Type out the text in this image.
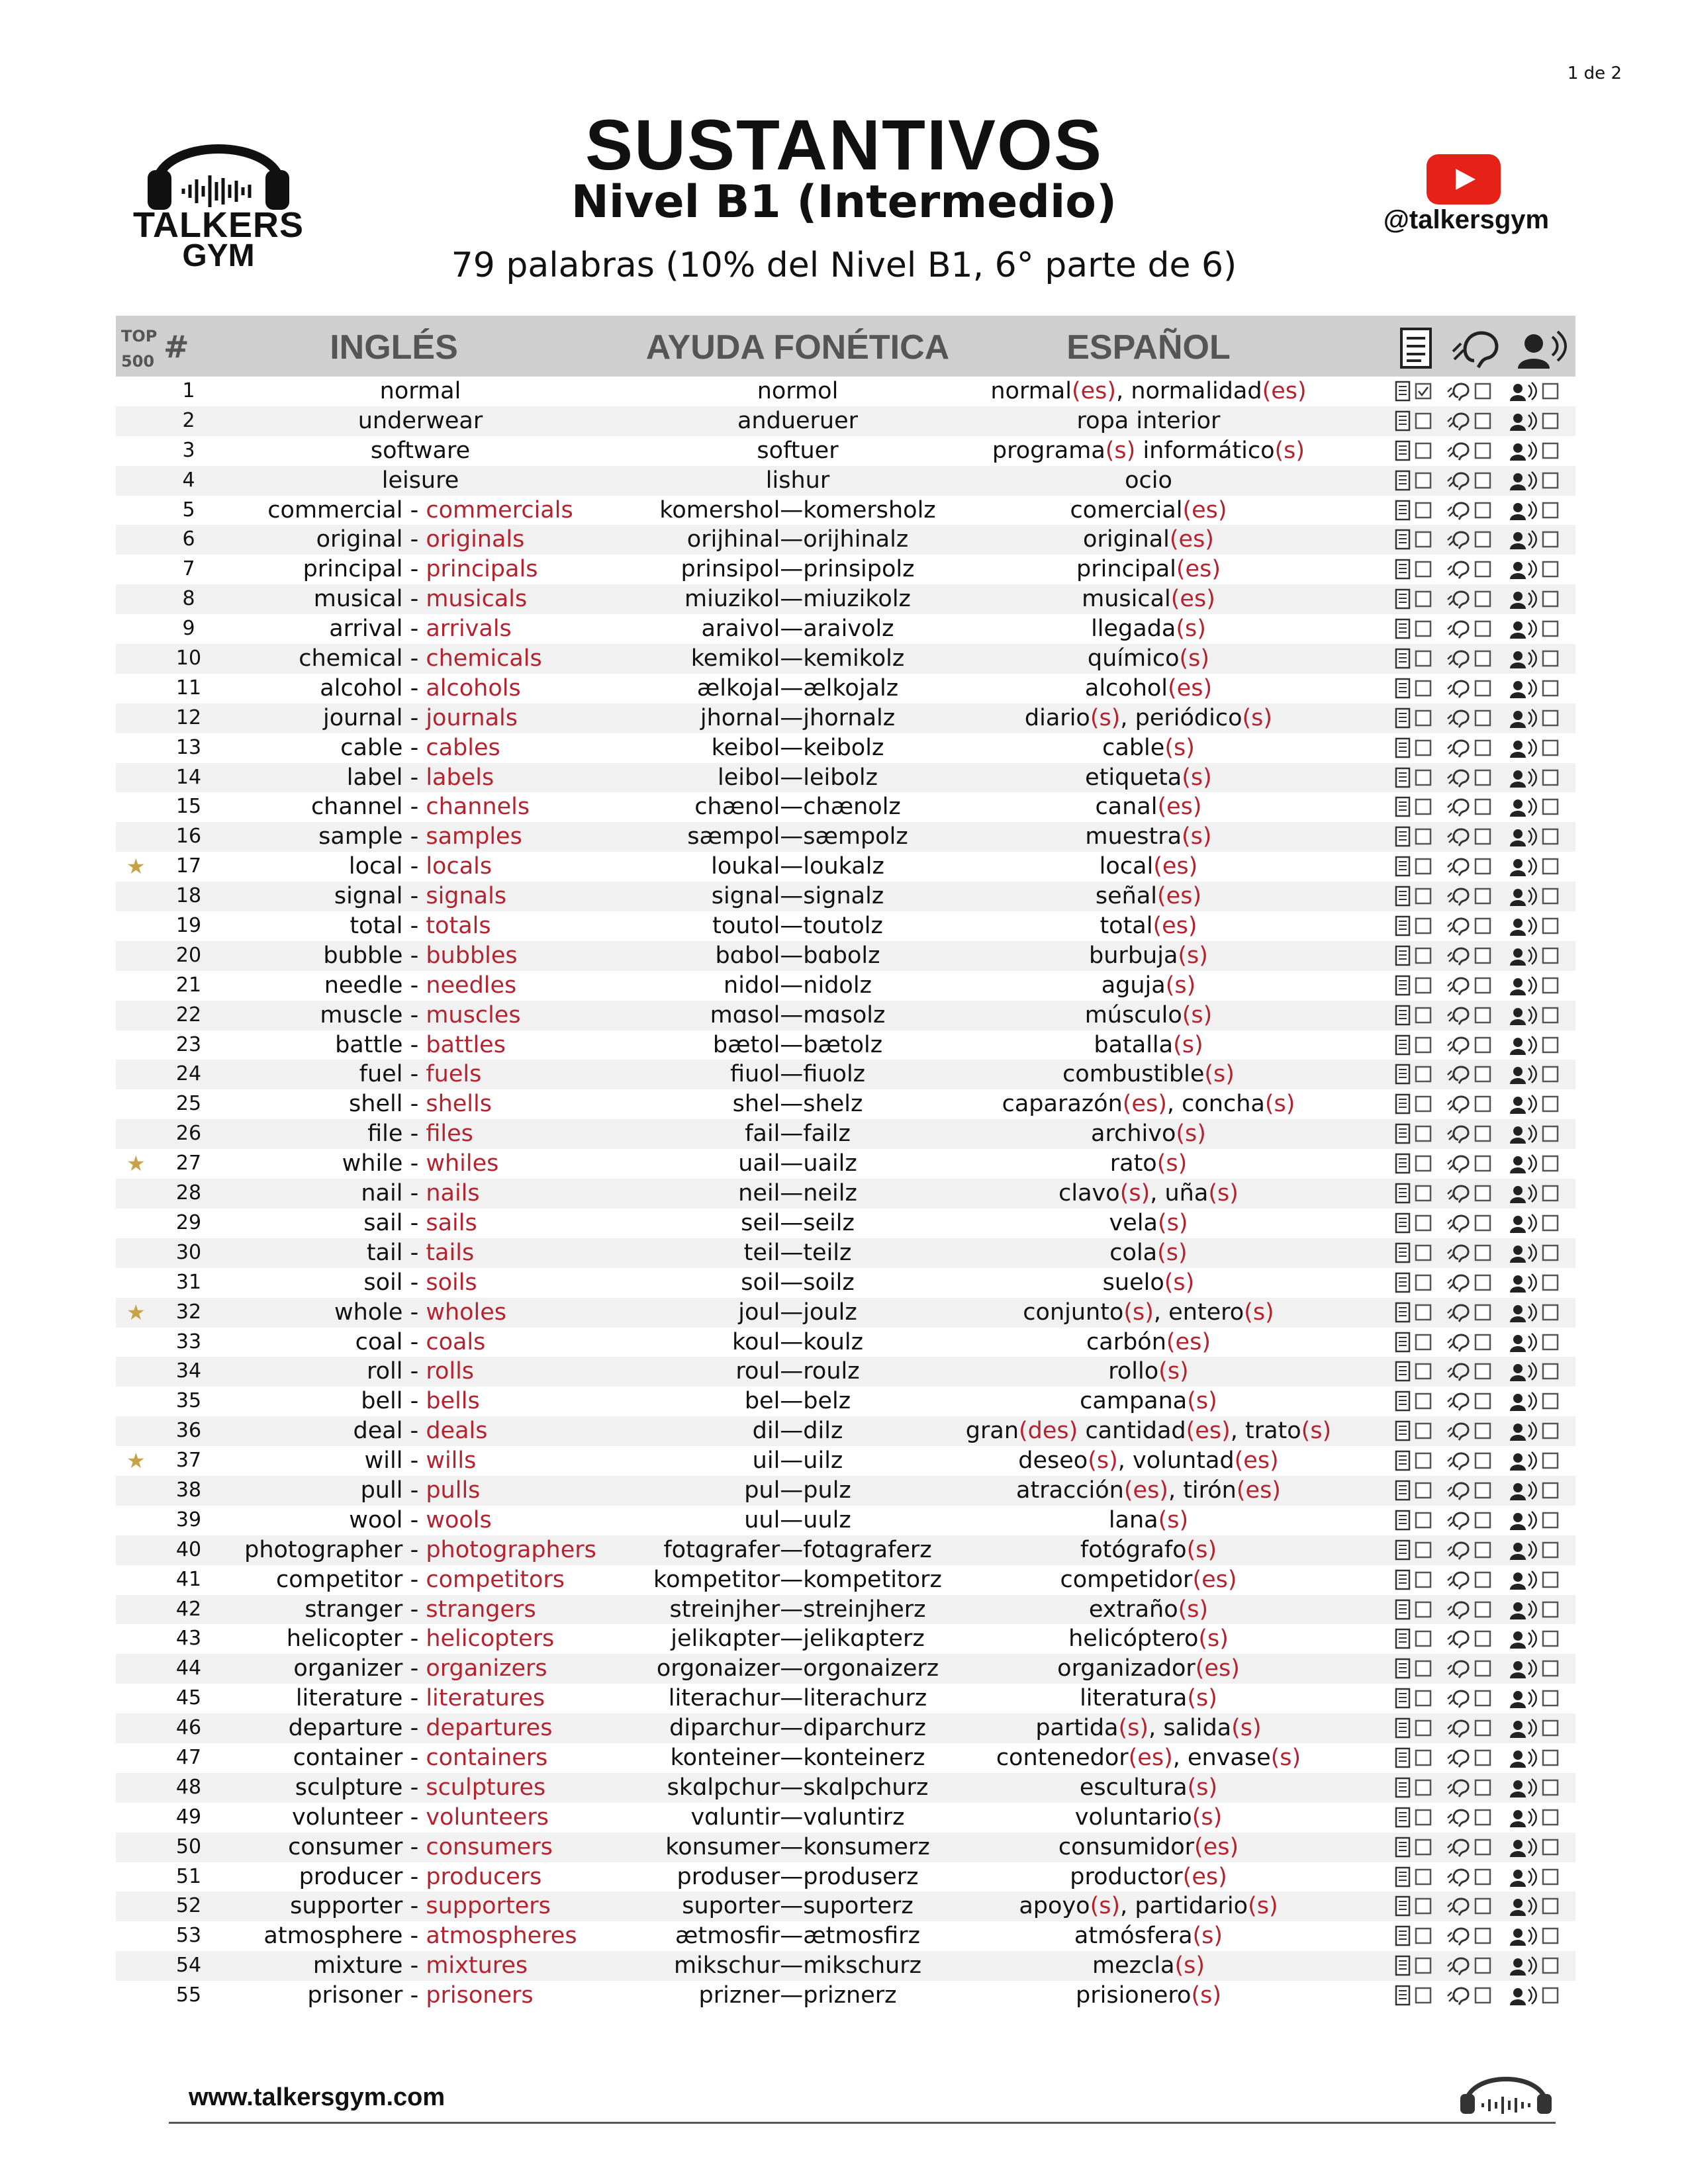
1 de 2
TALKERS
GYM
SUSTANTIVOS
Nivel B1 (Intermedio)
79 palabras (10% del Nivel B1, 6° parte de 6)
@talkersgym
TOP
500 #	INGLÉS	AYUDA FONÉTICA	ESPAÑOL
1	normal	normol	normal(es), normalidad(es)
2	underwear	andueruer	ropa interior
3	software	softuer	programa(s) informático(s)
4	leisure	lishur	ocio
5	commercial - commercials	komershol—komersholz	comercial(es)
6	original - originals	orijhinal—orijhinalz	original(es)
7	principal - principals	prinsipol—prinsipolz	principal(es)
8	musical - musicals	miuzikol—miuzikolz	musical(es)
9	arrival - arrivals	araivol—araivolz	llegada(s)
10	chemical - chemicals	kemikol—kemikolz	químico(s)
11	alcohol - alcohols	ælkojal—ælkojalz	alcohol(es)
12	journal - journals	jhornal—jhornalz	diario(s), periódico(s)
13	cable - cables	keibol—keibolz	cable(s)
14	label - labels	leibol—leibolz	etiqueta(s)
15	channel - channels	chænol—chænolz	canal(es)
16	sample - samples	sæmpol—sæmpolz	muestra(s)
★	17	local - locals	loukal—loukalz	local(es)
18	signal - signals	signal—signalz	señal(es)
19	total - totals	toutol—toutolz	total(es)
20	bubble - bubbles	bɑbol—bɑbolz	burbuja(s)
21	needle - needles	nidol—nidolz	aguja(s)
22	muscle - muscles	mɑsol—mɑsolz	músculo(s)
23	battle - battles	bætol—bætolz	batalla(s)
24	fuel - fuels	fiuol—fiuolz	combustible(s)
25	shell - shells	shel—shelz	caparazón(es), concha(s)
26	file - files	fail—failz	archivo(s)
★	27	while - whiles	uail—uailz	rato(s)
28	nail - nails	neil—neilz	clavo(s), uña(s)
29	sail - sails	seil—seilz	vela(s)
30	tail - tails	teil—teilz	cola(s)
31	soil - soils	soil—soilz	suelo(s)
★	32	whole - wholes	joul—joulz	conjunto(s), entero(s)
33	coal - coals	koul—koulz	carbón(es)
34	roll - rolls	roul—roulz	rollo(s)
35	bell - bells	bel—belz	campana(s)
36	deal - deals	dil—dilz	gran(des) cantidad(es), trato(s)
★	37	will - wills	uil—uilz	deseo(s), voluntad(es)
38	pull - pulls	pul—pulz	atracción(es), tirón(es)
39	wool - wools	uul—uulz	lana(s)
40	photographer - photographers	fotɑgrafer—fotɑgraferz	fotógrafo(s)
41	competitor - competitors	kompetitor—kompetitorz	competidor(es)
42	stranger - strangers	streinjher—streinjherz	extraño(s)
43	helicopter - helicopters	jelikɑpter—jelikɑpterz	helicóptero(s)
44	organizer - organizers	orgonaizer—orgonaizerz	organizador(es)
45	literature - literatures	literachur—literachurz	literatura(s)
46	departure - departures	diparchur—diparchurz	partida(s), salida(s)
47	container - containers	konteiner—konteinerz	contenedor(es), envase(s)
48	sculpture - sculptures	skɑlpchur—skɑlpchurz	escultura(s)
49	volunteer - volunteers	vɑluntir—vɑluntirz	voluntario(s)
50	consumer - consumers	konsumer—konsumerz	consumidor(es)
51	producer - producers	produser—produserz	productor(es)
52	supporter - supporters	suporter—suporterz	apoyo(s), partidario(s)
53	atmosphere - atmospheres	ætmosfir—ætmosfirz	atmósfera(s)
54	mixture - mixtures	mikschur—mikschurz	mezcla(s)
55	prisoner - prisoners	prizner—priznerz	prisionero(s)
www.talkersgym.com
